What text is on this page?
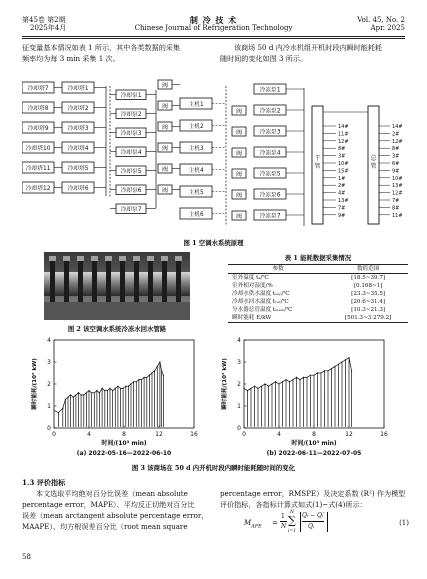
第45卷 第2期
2025年4月
制 冷 技 术
Chinese Journal of Refrigeration Technology
Vol. 45, No. 2
Apr. 2025
征变量基本情况如表 1 所示，其中各类数据的采集
频率均为每 3 min 采集 1 次。
该商场 50 d 内冷水机组开机时段内瞬时能耗耗
随时间的变化如图 3 所示。
冷却塔7
冷却塔8
冷却塔9
冷却塔10
冷却塔11
冷却塔12
冷却塔1
冷却塔2
冷却塔3
冷却塔4
冷却塔5
冷却塔6
冷却泵1
冷却泵2
冷却泵3
冷却泵4
冷却泵5
冷却泵6
冷却泵7
阀
阀
阀
阀
阀
阀
主机1
主机2
主机3
主机4
主机5
主机6
阀
阀
阀
阀
阀
阀
冷冻泵1
冷冻泵2
冷冻泵3
冷冻泵4
冷冻泵5
冷冻泵6
冷冻泵7
干
管
总
管
14#
11#
12#
8#
3#
10#
15#
1#
2#
4#
13#
7#
9#
14#
2#
12#
8#
3#
6#
9#
10#
13#
12#
7#
8#
11#
图 1 空调水系统原理
图 2 该空调水系统冷冻水回水管路
表 1 能耗数据采集情况
参数	数值范围
室外温度 tₐ/℃	[18.5~39.7]
室外相对湿度/%	[0.168~1]
冷却水供水温度 tₛᵤₚ/℃	[23.3~35.5]
冷却水回水温度 tᵣₑₜ/℃	[20.6~31.4]
分水器总管温度 tₘₐᵢₙ/℃	[10.3~21.3]
瞬时能耗 E/kW	[501.3~3 279.2]
0	4	8	12	16
0
1
2
3
4
时间/(10³ min)
瞬时能耗/(10³ kW)
(a) 2022-05-16—2022-06-10
0	4	8	12	16
0
1
2
3
4
时间/(10³ min)
瞬时能耗/(10³ kW)
(b) 2022-06-11—2022-07-05
图 3 该商场在 50 d 内开机时段内瞬时能耗随时间的变化
1.3 评价指标
本文选取平均绝对百分比误差（mean absolute
percentage error，MAPE）、平均反正切绝对百分比
误差（mean arctangent absolute percentage error，
MAAPE）、均方根误差百分比（root mean square
percentage error，RMSPE）及决定系数 (R²) 作为模型
评价指标，各指标计算式如式(1)~式(4)所示：
$M_{APE}$ =
1
N
N
∑
i=1
Qᵢ − Qᵢ′
Qᵢ	(1)
58
